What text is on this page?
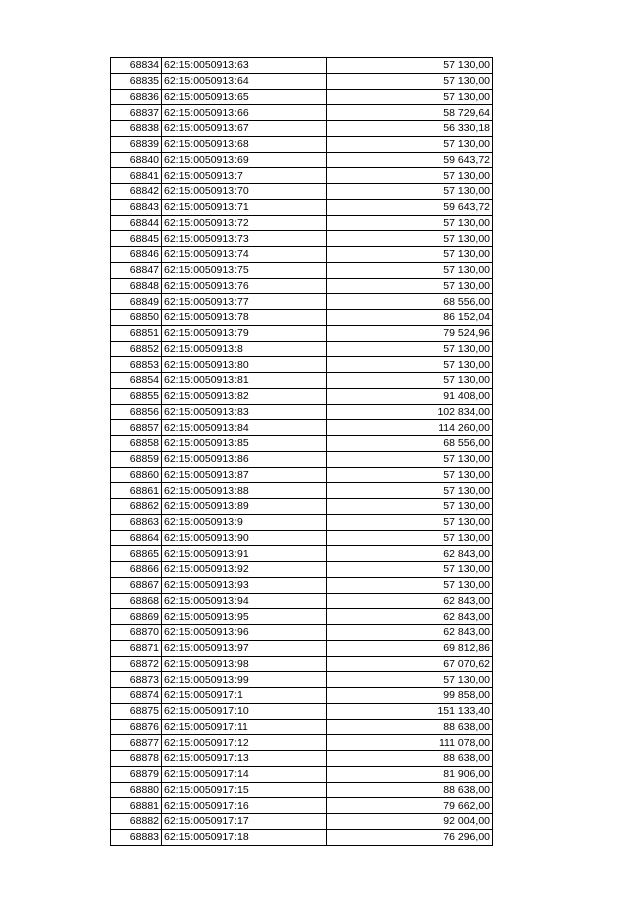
68834	62:15:0050913:63	57 130,00
68835	62:15:0050913:64	57 130,00
68836	62:15:0050913:65	57 130,00
68837	62:15:0050913:66	58 729,64
68838	62:15:0050913:67	56 330,18
68839	62:15:0050913:68	57 130,00
68840	62:15:0050913:69	59 643,72
68841	62:15:0050913:7	57 130,00
68842	62:15:0050913:70	57 130,00
68843	62:15:0050913:71	59 643,72
68844	62:15:0050913:72	57 130,00
68845	62:15:0050913:73	57 130,00
68846	62:15:0050913:74	57 130,00
68847	62:15:0050913:75	57 130,00
68848	62:15:0050913:76	57 130,00
68849	62:15:0050913:77	68 556,00
68850	62:15:0050913:78	86 152,04
68851	62:15:0050913:79	79 524,96
68852	62:15:0050913:8	57 130,00
68853	62:15:0050913:80	57 130,00
68854	62:15:0050913:81	57 130,00
68855	62:15:0050913:82	91 408,00
68856	62:15:0050913:83	102 834,00
68857	62:15:0050913:84	114 260,00
68858	62:15:0050913:85	68 556,00
68859	62:15:0050913:86	57 130,00
68860	62:15:0050913:87	57 130,00
68861	62:15:0050913:88	57 130,00
68862	62:15:0050913:89	57 130,00
68863	62:15:0050913:9	57 130,00
68864	62:15:0050913:90	57 130,00
68865	62:15:0050913:91	62 843,00
68866	62:15:0050913:92	57 130,00
68867	62:15:0050913:93	57 130,00
68868	62:15:0050913:94	62 843,00
68869	62:15:0050913:95	62 843,00
68870	62:15:0050913:96	62 843,00
68871	62:15:0050913:97	69 812,86
68872	62:15:0050913:98	67 070,62
68873	62:15:0050913:99	57 130,00
68874	62:15:0050917:1	99 858,00
68875	62:15:0050917:10	151 133,40
68876	62:15:0050917:11	88 638,00
68877	62:15:0050917:12	111 078,00
68878	62:15:0050917:13	88 638,00
68879	62:15:0050917:14	81 906,00
68880	62:15:0050917:15	88 638,00
68881	62:15:0050917:16	79 662,00
68882	62:15:0050917:17	92 004,00
68883	62:15:0050917:18	76 296,00
